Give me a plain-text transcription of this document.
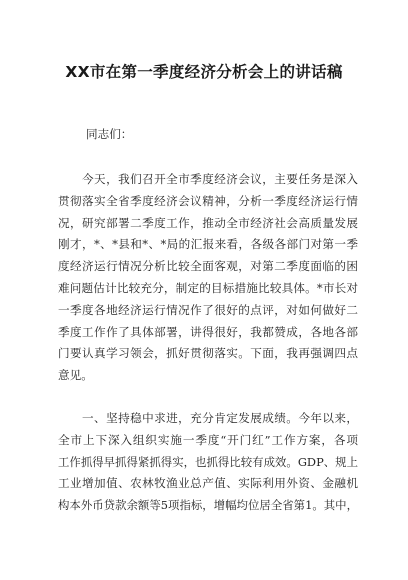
XX市在第一季度经济分析会上的讲话稿
同志们：
　　今天，我们召开全市季度经济会议，主要任务是深入
贯彻落实全省季度经济会议精神，分析一季度经济运行情
况，研究部署二季度工作，推动全市经济社会高质量发展
刚才，*、*县和*、*局的汇报来看，各级各部门对第一季
度经济运行情况分析比较全面客观，对第二季度面临的困
难问题估计比较充分，制定的目标措施比较具体。*市长对
一季度各地经济运行情况作了很好的点评，对如何做好二
季度工作作了具体部署，讲得很好，我都赞成，各地各部
门要认真学习领会，抓好贯彻落实。下面，我再强调四点
意见。
　　一、坚持稳中求进，充分肯定发展成绩。今年以来，
全市上下深入组织实施一季度“开门红”工作方案，各项
工作抓得早抓得紧抓得实，也抓得比较有成效。GDP、规上
工业增加值、农林牧渔业总产值、实际利用外资、金融机
构本外币贷款余额等5项指标，增幅均位居全省第1。其中，
